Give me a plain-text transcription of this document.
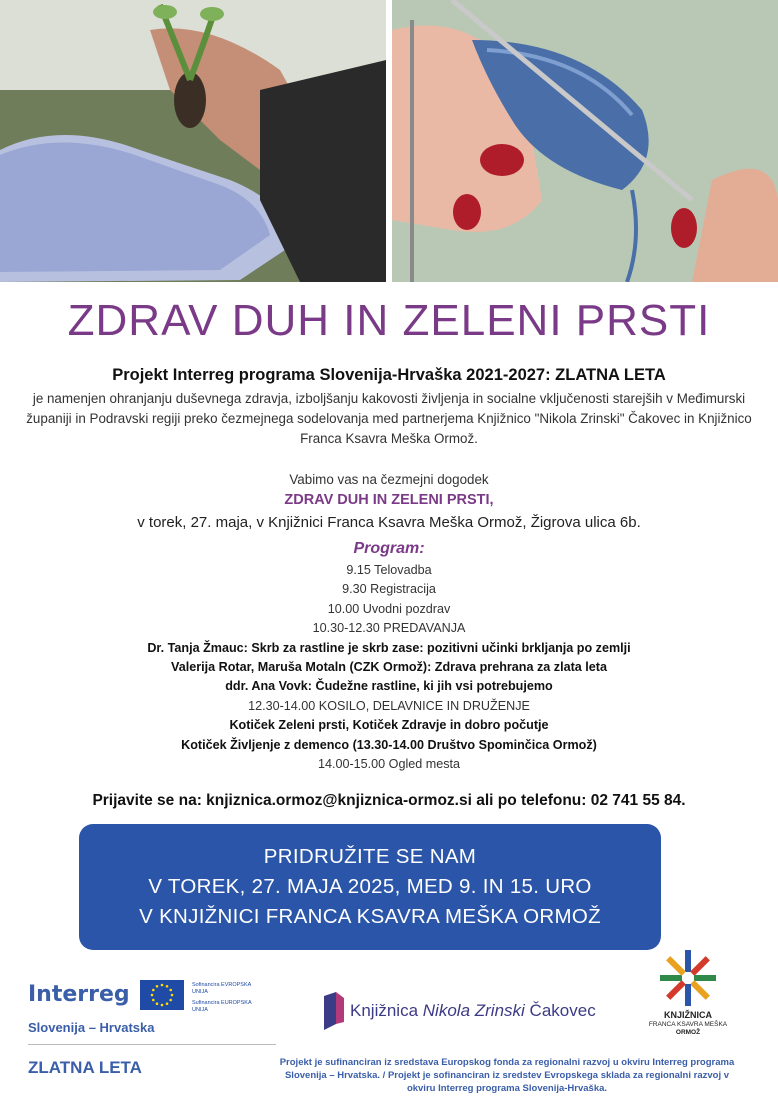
ZDRAV DUH IN ZELENI PRSTI
Projekt Interreg programa Slovenija-Hrvaška 2021-2027: ZLATNA LETA
je namenjen ohranjanju duševnega zdravja, izboljšanju kakovosti življenja in socialne vključenosti starejših v Međimurski županiji in Podravski regiji preko čezmejnega sodelovanja med partnerjema Knjižnico "Nikola Zrinski" Čakovec in Knjižnico Franca Ksavra Meška Ormož.
Vabimo vas na čezmejni dogodek
ZDRAV DUH IN ZELENI PRSTI,
v torek, 27. maja, v Knjižnici Franca Ksavra Meška Ormož, Žigrova ulica 6b.
Program:
9.15 Telovadba
9.30 Registracija
10.00 Uvodni pozdrav
10.30-12.30 PREDAVANJA
Dr. Tanja Žmauc: Skrb za rastline je skrb zase: pozitivni učinki brkljanja po zemlji
Valerija Rotar, Maruša Motaln (CZK Ormož): Zdrava prehrana za zlata leta
ddr. Ana Vovk: Čudežne rastline, ki jih vsi potrebujemo
12.30-14.00 KOSILO, DELAVNICE IN DRUŽENJE
Kotiček Zeleni prsti, Kotiček Zdravje in dobro počutje
Kotiček Življenje z demenco (13.30-14.00 Društvo Spominčica Ormož)
14.00-15.00 Ogled mesta
Prijavite se na: knjiznica.ormoz@knjiznica-ormoz.si ali po telefonu: 02 741 55 84.
PRIDRUŽITE SE NAM
V TOREK, 27. MAJA 2025, MED 9. IN 15. URO
V KNJIŽNICI FRANCA KSAVRA MEŠKA ORMOŽ
Interreg	Sofinancira EVROPSKA UNIJA
Sufinancira EUROPSKA UNIJA
Slovenija – Hrvatska
ZLATNA LETA
Knjižnica Nikola Zrinski Čakovec	KNJIŽNICA
FRANCA KSAVRA MEŠKA
ORMOŽ
Projekt je sufinanciran iz sredstava Europskog fonda za regionalni razvoj u okviru Interreg programa Slovenija – Hrvatska. / Projekt je sofinanciran iz sredstev Evropskega sklada za regionalni razvoj v okviru Interreg programa Slovenija-Hrvaška.
